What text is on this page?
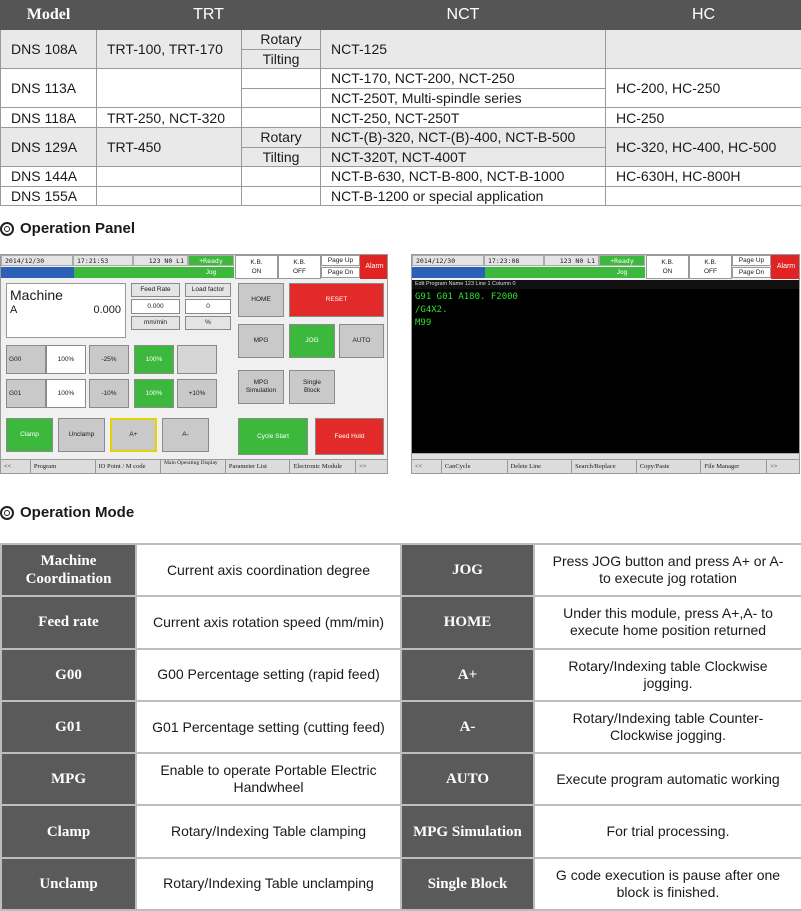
Model	TRT		NCT	HC
DNS 108A	TRT-100, TRT-170	Rotary	NCT-125	
		Tilting		
DNS 113A			NCT-170, NCT-200, NCT-250	HC-200, HC-250
			NCT-250T, Multi-spindle series	
DNS 118A	TRT-250, NCT-320		NCT-250, NCT-250T	HC-250
DNS 129A	TRT-450	Rotary	NCT-(B)-320, NCT-(B)-400, NCT-B-500	HC-320, HC-400, HC-500
		Tilting	NCT-320T, NCT-400T	
DNS 144A			NCT-B-630, NCT-B-800, NCT-B-1000	HC-630H, HC-800H
DNS 155A			NCT-B-1200 or special application	
Operation Panel
2014/12/30	17:21:53	123 N0 L1	+Ready
Jog
K.B.
ON
K.B.
OFF
Page Up
Page Dn
Alarm
Machine
A	0.000
Feed Rate
0.000
mm/min
Load factor
0
%
G00	100%	-25%	100%
G01	100%	-10%	100%	+10%
Clamp	Unclamp	A+	A-
HOME	RESET
MPG	JOG	AUTO
MPG
Simulation
Single
Block
Cycle Start	Feed Hold
<<	Program	IO Point / M code	Main Operating Display	Parameter List	Electronic Module	>>
2014/12/30	17:23:08	123 N0 L1	+Ready
Jog
K.B.
ON
K.B.
OFF
Page Up
Page Dn
Alarm
Edit Program Name 123 Line 1 Column 0
G91 G01 A180. F2000
/G4X2.
M99
<<	CanCycle	Delete Line	Search/Replace	Copy/Paste	File Manager	>>
Operation Mode
Machine Coordination	Current axis coordination degree	JOG	Press JOG button and press A+ or A- to execute jog rotation
Feed rate	Current axis rotation speed (mm/min)	HOME	Under this module, press A+,A- to execute home position returned
G00	G00 Percentage setting (rapid feed)	A+	Rotary/Indexing table Clockwise jogging.
G01	G01 Percentage setting (cutting feed)	A-	Rotary/Indexing table Counter-Clockwise jogging.
MPG	Enable to operate Portable Electric Handwheel	AUTO	Execute program automatic working
Clamp	Rotary/Indexing Table clamping	MPG Simulation	For trial processing.
Unclamp	Rotary/Indexing Table unclamping	Single Block	G code execution is pause after one block is finished.
